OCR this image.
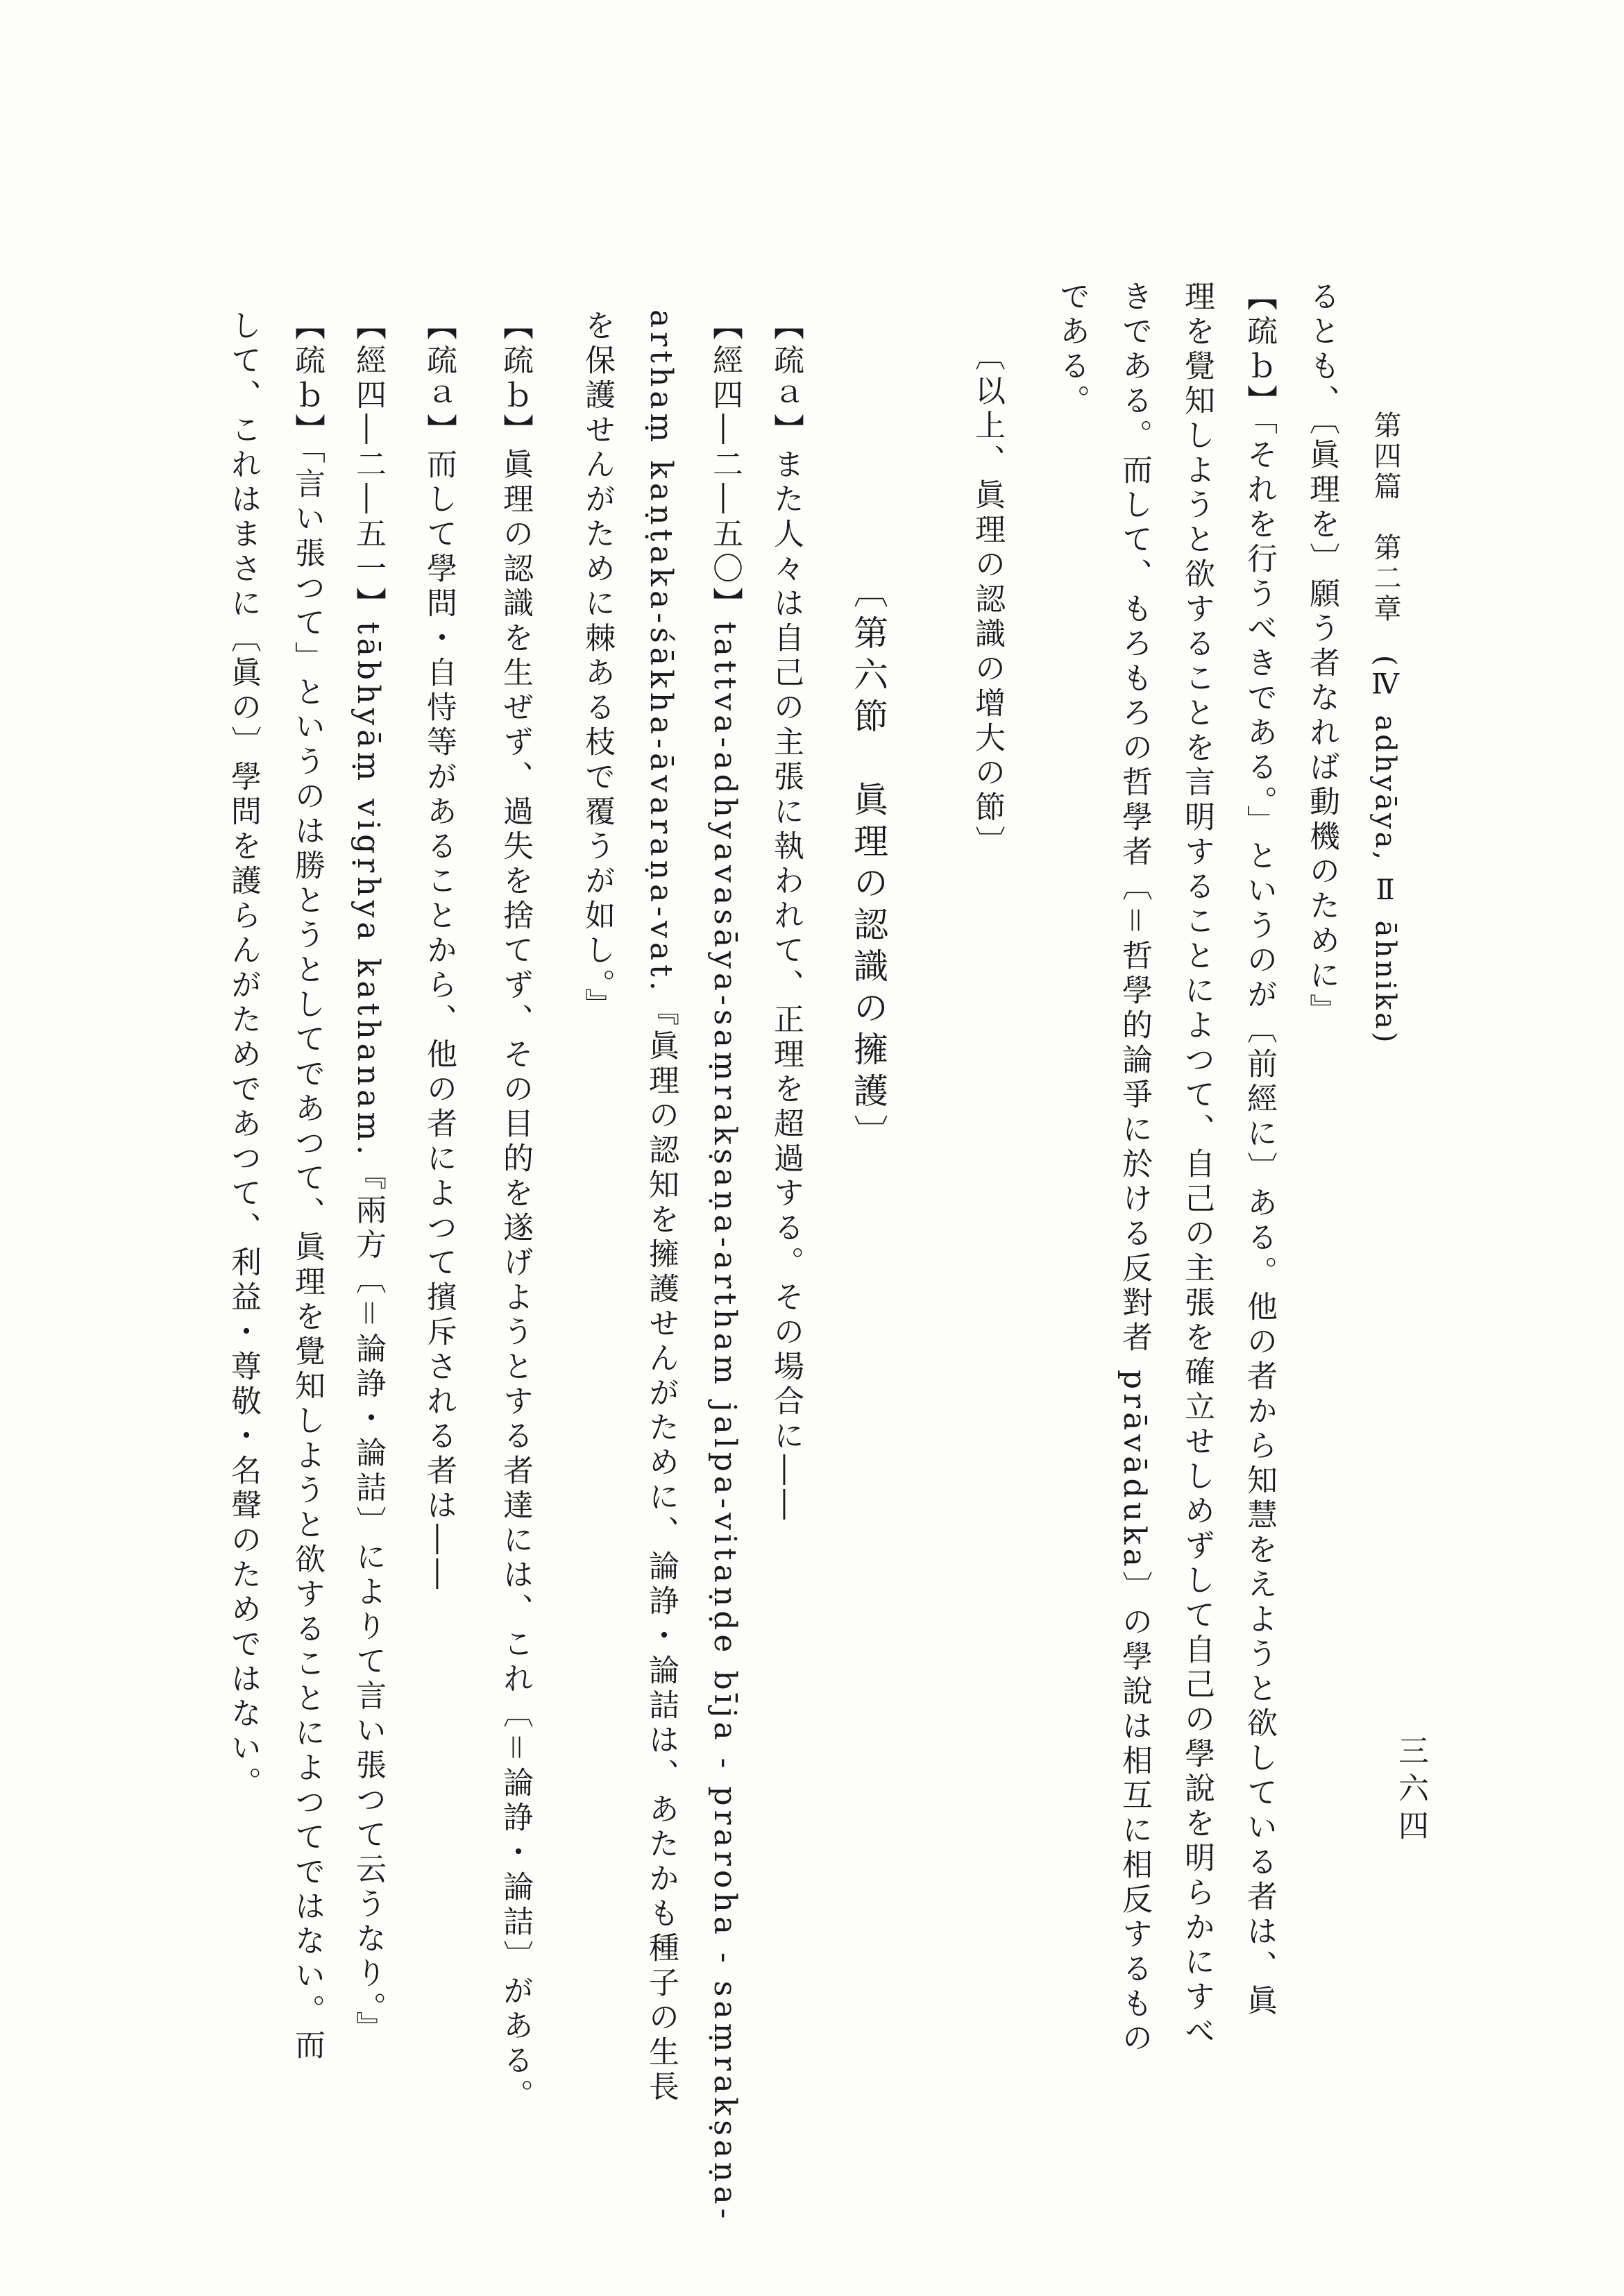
第四篇　第二章　(Ⅳ adhyāya, Ⅱ āhnika)
三六四
るとも、〔眞理を〕願う者なれば動機のために』
【疏ｂ】「それを行うべきである。」というのが〔前經に〕ある。他の者から知慧をえようと欲している者は、眞
理を覺知しようと欲することを言明することによつて、自己の主張を確立せしめずして自己の學說を明らかにすべ
きである。而して、もろもろの哲學者〔＝哲學的論爭に於ける反對者 prāvāduka〕の學說は相互に相反するもの
である。
〔以上、眞理の認識の增大の節〕
〔第六節　眞理の認識の擁護〕
【疏ａ】また人々は自己の主張に執われて、正理を超過する。その場合に――
【經四―二―五〇】tattva-adhyavasāya-saṃrakṣaṇa-artham jalpa-vitaṇḍe bīja - praroha - saṃrakṣaṇa-
arthaṃ kaṇṭaka-śākha-āvaraṇa-vat.『眞理の認知を擁護せんがために、論諍・論詰は、あたかも種子の生長
を保護せんがために棘ある枝で覆うが如し。』
【疏ｂ】眞理の認識を生ぜず、過失を捨てず、その目的を遂げようとする者達には、これ〔＝論諍・論詰〕がある。
【疏ａ】而して學問・自恃等があることから、他の者によつて擯斥される者は――
【經四―二―五一】tābhyāṃ vigṛhya kathanam.『兩方〔＝論諍・論詰〕によりて言い張つて云うなり。』
【疏ｂ】「言い張つて」というのは勝とうとしてであつて、眞理を覺知しようと欲することによつてではない。而
して、これはまさに〔眞の〕學問を護らんがためであつて、利益・尊敬・名聲のためではない。
